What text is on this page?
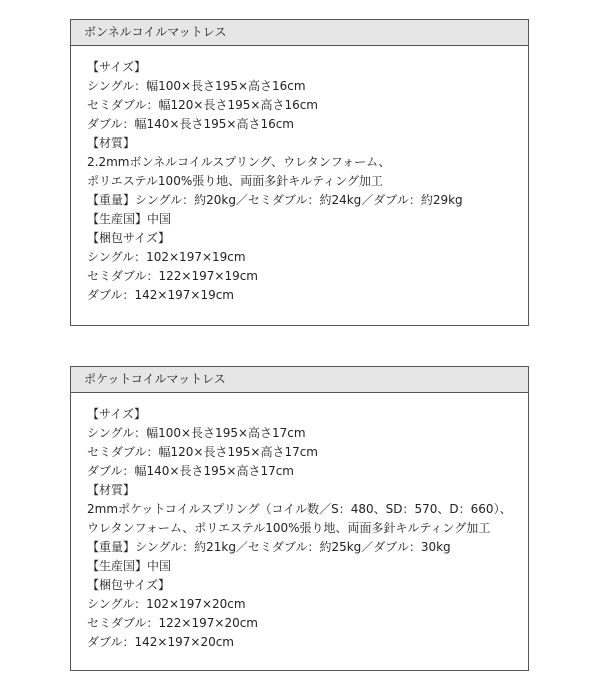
ボンネルコイルマットレス
【サイズ】
シングル：幅100×長さ195×高さ16cm
セミダブル：幅120×長さ195×高さ16cm
ダブル：幅140×長さ195×高さ16cm
【材質】
2.2mmボンネルコイルスプリング、ウレタンフォーム、
ポリエステル100%張り地、両面多針キルティング加工
【重量】シングル：約20kg／セミダブル：約24kg／ダブル：約29kg
【生産国】中国
【梱包サイズ】
シングル：102×197×19cm
セミダブル：122×197×19cm
ダブル：142×197×19cm
ポケットコイルマットレス
【サイズ】
シングル：幅100×長さ195×高さ17cm
セミダブル：幅120×長さ195×高さ17cm
ダブル：幅140×長さ195×高さ17cm
【材質】
2mmポケットコイルスプリング（コイル数／S：480、SD：570、D：660）、
ウレタンフォーム、ポリエステル100%張り地、両面多針キルティング加工
【重量】シングル：約21kg／セミダブル：約25kg／ダブル：30kg
【生産国】中国
【梱包サイズ】
シングル：102×197×20cm
セミダブル：122×197×20cm
ダブル：142×197×20cm
